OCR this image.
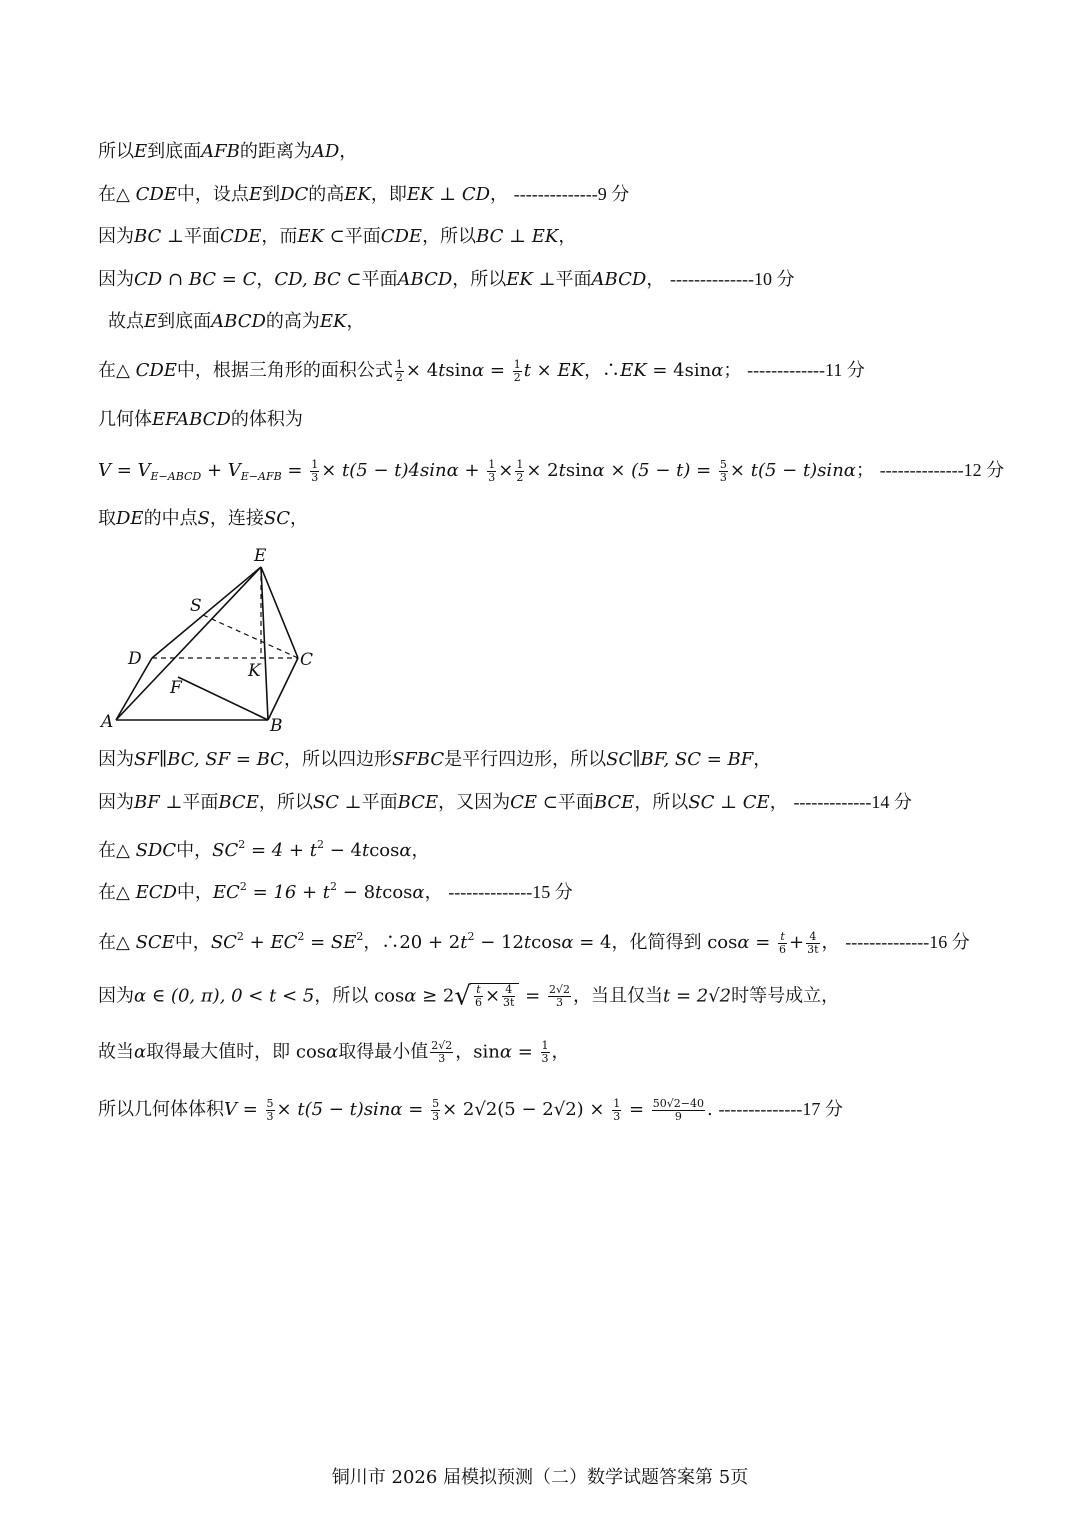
所以E到底面AFB的距离为AD，
在△ CDE中，设点E到DC的高EK，即EK ⊥ CD， --------------9 分
因为BC ⊥平面CDE，而EK ⊂平面CDE，所以BC ⊥ EK，
因为CD ∩ BC = C，CD, BC ⊂平面ABCD，所以EK ⊥平面ABCD， --------------10 分
故点E到底面ABCD的高为EK，
在△ CDE中，根据三角形的面积公式 $\frac{1}{2} \times 4tsin\alpha = \frac{1}{2}$ t × EK，∴EK = 4sinα； -------------11 分
几何体EFABCD的体积为
$V = V_{E-ABCD} + V_{E-AFB} = \frac{1}{3} \times t(5 - t)4\sin\alpha + \frac{1}{3} \times \frac{1}{2} \times 2tsin\alpha \times (5 - t) = \frac{5}{3} \times t(5 - t)\sin\alpha$； --------------12 分
取DE的中点S，连接SC，
E
S
D	C
K
F
A	B
因为SF∥BC, SF = BC，所以四边形SFBC是平行四边形，所以SC∥BF, SC = BF，
因为BF ⊥平面BCE，所以SC ⊥平面BCE，又因为CE ⊂平面BCE，所以SC ⊥ CE， -------------14 分
在△ SDC中，$SC^2 = 4 + t^2 - 4tcos\alpha$，
在△ ECD中，$EC^2 = 16 + t^2 - 8tcos\alpha$， --------------15 分
在△ SCE中，$SC^2 + EC^2 = SE^2$，∴20 + $2t^2 - 12tcos\alpha = 4$，化简得到 $\cos\alpha = \frac{t}{6} + \frac{4}{3t}$ ， --------------16 分
因为α ∈ (0, π), 0 < t < 5，所以 $\cos\alpha \ge 2√ \frac{t}{6} \times \frac{4}{3t} = \frac{2√2}{3}$ ，当且仅当t = 2√2时等号成立，
故当α取得最大值时，即 cosα取得最小值 $\frac{2√2}{3}$ ，$\sin\alpha = \frac{1}{3}$ ，
所以几何体体积$V = \frac{5}{3} \times t(5 - t)\sin\alpha = \frac{5}{3} \times 2√2(5 - 2√2) \times \frac{1}{3} = \frac{50√2-40}{9}$ . --------------17 分
铜川市 2026 届模拟预测（二）数学试题答案第 5页
